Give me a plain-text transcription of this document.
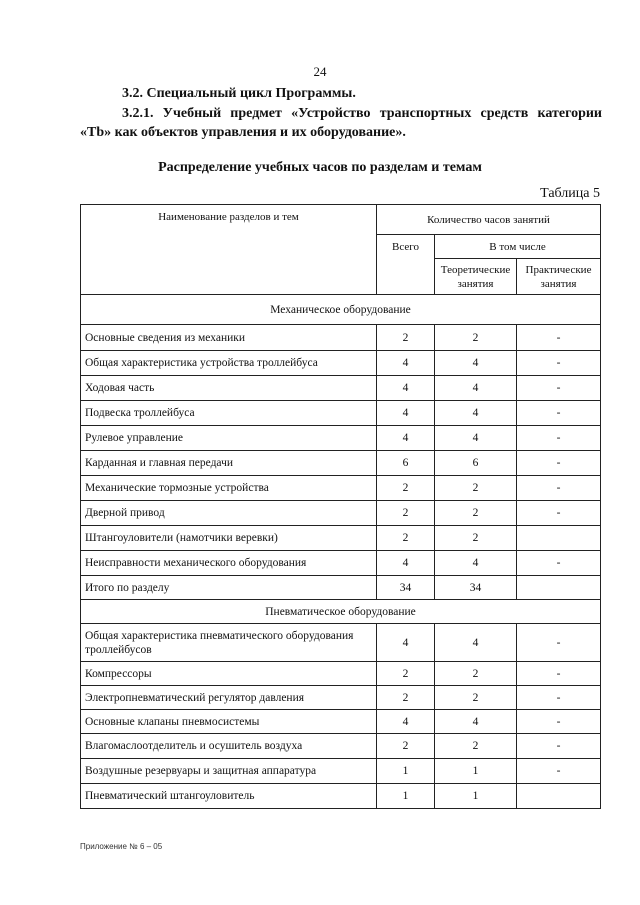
24
3.2. Специальный цикл Программы.
3.2.1. Учебный предмет «Устройство транспортных средств категории «Tb» как объектов управления и их оборудование».
Распределение учебных часов по разделам и темам
Таблица 5
Наименование разделов и тем	Количество часов занятий		
	Всего	В том числе	
		Теоретические занятия	Практические занятия
Механическое оборудование			
Основные сведения из механики	2	2	-
Общая характеристика устройства троллейбуса	4	4	-
Ходовая часть	4	4	-
Подвеска троллейбуса	4	4	-
Рулевое управление	4	4	-
Карданная и главная передачи	6	6	-
Механические тормозные устройства	2	2	-
Дверной привод	2	2	-
Штангоуловители (намотчики веревки)	2	2	
Неисправности механического оборудования	4	4	-
Итого по разделу	34	34	
Пневматическое оборудование			
Общая характеристика пневматического оборудования троллейбусов	4	4	-
Компрессоры	2	2	-
Электропневматический регулятор давления	2	2	-
Основные клапаны пневмосистемы	4	4	-
Влагомаслоотделитель и осушитель воздуха	2	2	-
Воздушные резервуары и защитная аппаратура	1	1	-
Пневматический штангоуловитель	1	1	
Приложение № 6 – 05
